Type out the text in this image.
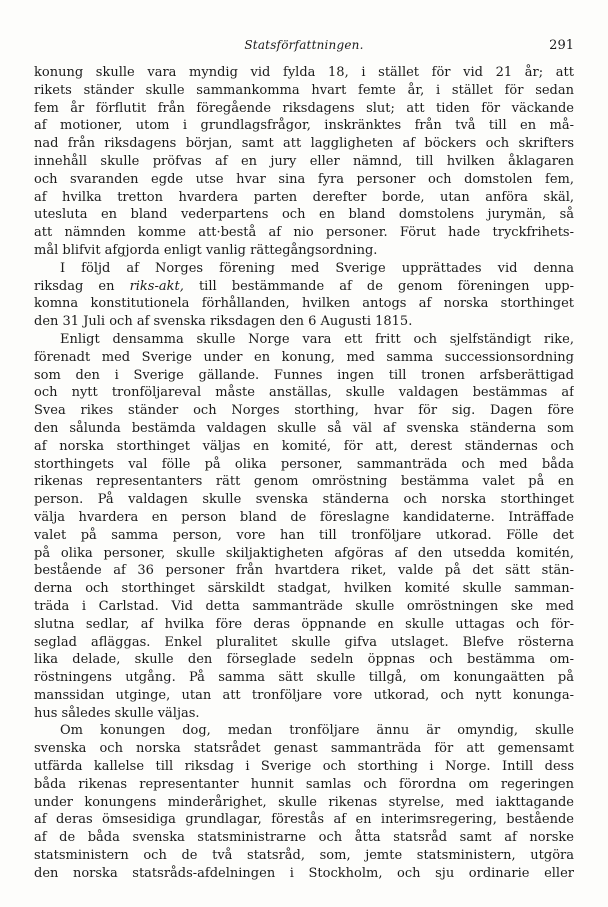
Statsförfattningen.	291
konung skulle vara myndig vid fylda 18, i stället för vid 21 år; att
rikets ständer skulle sammankomma hvart femte år, i stället för sedan
fem år förflutit från föregående riksdagens slut; att tiden för väckande
af motioner, utom i grundlagsfrågor, inskränktes från två till en må-
nad från riksdagens början, samt att laggligheten af böckers och skrifters
innehåll skulle pröfvas af en jury eller nämnd, till hvilken åklagaren
och svaranden egde utse hvar sina fyra personer och domstolen fem,
af hvilka tretton hvardera parten derefter borde, utan anföra skäl,
utesluta en bland vederpartens och en bland domstolens jurymän, så
att nämnden komme att·bestå af nio personer. Förut hade tryckfrihets-
mål blifvit afgjorda enligt vanlig rättegångsordning.
I följd af Norges förening med Sverige upprättades vid denna
riksdag en riks-akt, till bestämmande af de genom föreningen upp-
komna konstitutionela förhållanden, hvilken antogs af norska storthinget
den 31 Juli och af svenska riksdagen den 6 Augusti 1815.
Enligt densamma skulle Norge vara ett fritt och sjelfständigt rike,
förenadt med Sverige under en konung, med samma successionsordning
som den i Sverige gällande. Funnes ingen till tronen arfsberättigad
och nytt tronföljareval måste anställas, skulle valdagen bestämmas af
Svea rikes ständer och Norges storthing, hvar för sig. Dagen före
den sålunda bestämda valdagen skulle så väl af svenska ständerna som
af norska storthinget väljas en komité, för att, derest ständernas och
storthingets val fölle på olika personer, sammanträda och med båda
rikenas representanters rätt genom omröstning bestämma valet på en
person. På valdagen skulle svenska ständerna och norska storthinget
välja hvardera en person bland de föreslagne kandidaterne. Inträffade
valet på samma person, vore han till tronföljare utkorad. Fölle det
på olika personer, skulle skiljaktigheten afgöras af den utsedda komitén,
bestående af 36 personer från hvartdera riket, valde på det sätt stän-
derna och storthinget särskildt stadgat, hvilken komité skulle samman-
träda i Carlstad. Vid detta sammanträde skulle omröstningen ske med
slutna sedlar, af hvilka före deras öppnande en skulle uttagas och för-
seglad afläggas. Enkel pluralitet skulle gifva utslaget. Blefve rösterna
lika delade, skulle den förseglade sedeln öppnas och bestämma om-
röstningens utgång. På samma sätt skulle tillgå, om konungaätten på
manssidan utginge, utan att tronföljare vore utkorad, och nytt konunga-
hus således skulle väljas.
Om konungen dog, medan tronföljare ännu är omyndig, skulle
svenska och norska statsrådet genast sammanträda för att gemensamt
utfärda kallelse till riksdag i Sverige och storthing i Norge. Intill dess
båda rikenas representanter hunnit samlas och förordna om regeringen
under konungens minderårighet, skulle rikenas styrelse, med iakttagande
af deras ömsesidiga grundlagar, förestås af en interimsregering, bestående
af de båda svenska statsministrarne och åtta statsråd samt af norske
statsministern och de två statsråd, som, jemte statsministern, utgöra
den norska statsråds-afdelningen i Stockholm, och sju ordinarie eller
